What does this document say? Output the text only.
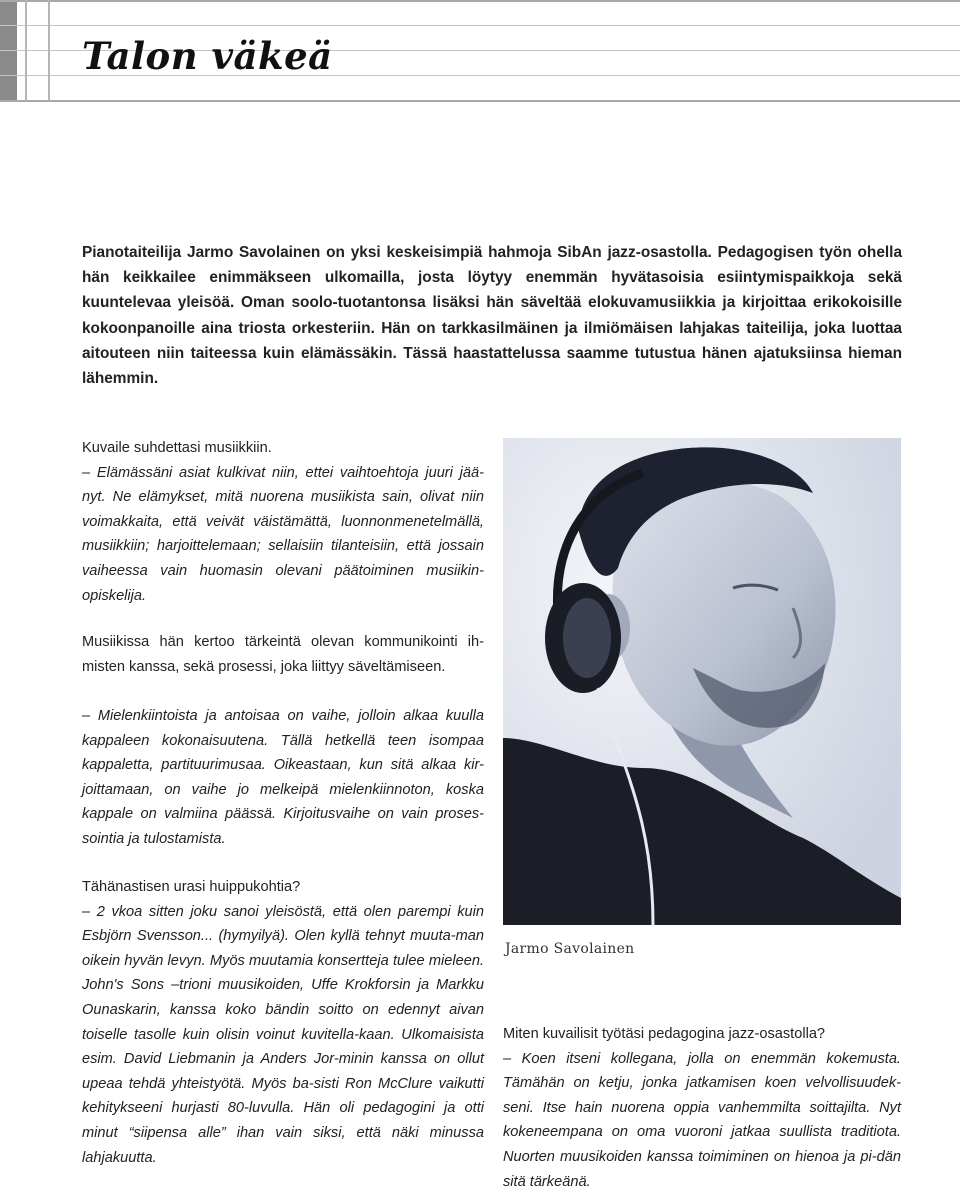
Talon väkeä

Pianotaiteilija Jarmo Savolainen on yksi keskeisimpiä hahmoja SibAn jazz-osastolla. Pedagogisen työn ohella hän keikkailee enimmäkseen ulkomailla, josta löytyy enemmän hyvätasoisia esiintymispaikkoja sekä kuuntelevaa yleisöä. Oman soolo-tuotantonsa lisäksi hän säveltää elokuvamusiikkia ja kirjoittaa erikokoisille kokoonpanoille aina triosta orkesteriin. Hän on tarkkasilmäinen ja ilmiömäisen lahjakas taiteilija, joka luottaa aitouteen niin taiteessa kuin elämässäkin. Tässä haastattelussa saamme tutustua hänen ajatuksiinsa hieman lähemmin.

Kuvaile suhdettasi musiikkiin.

– Elämässäni asiat kulkivat niin, ettei vaihtoehtoja juuri jää-nyt. Ne elämykset, mitä nuorena musiikista sain, olivat niin voimakkaita, että veivät väistämättä, luonnonmenetelmällä, musiikkiin; harjoittelemaan; sellaisiin tilanteisiin, että jossain vaiheessa vain huomasin olevani päätoiminen musiikin-opiskelija.

Musiikissa hän kertoo tärkeintä olevan kommunikointi ih-misten kanssa, sekä prosessi, joka liittyy säveltämiseen.

– Mielenkiintoista ja antoisaa on vaihe, jolloin alkaa kuulla kappaleen kokonaisuutena. Tällä hetkellä teen isompaa kappaletta, partituurimusaa. Oikeastaan, kun sitä alkaa kir-joittamaan, on vaihe jo melkeipä mielenkiinnoton, koska kappale on valmiina päässä. Kirjoitusvaihe on vain proses-sointia ja tulostamista.

Tähänastisen urasi huippukohtia?

– 2 vkoa sitten joku sanoi yleisöstä, että olen parempi kuin Esbjörn Svensson... (hymyilyä). Olen kyllä tehnyt muuta-man oikein hyvän levyn. Myös muutamia konsertteja tulee mieleen. John's Sons –trioni muusikoiden, Uffe Krokforsin ja Markku Ounaskarin, kanssa koko bändin soitto on edennyt aivan toiselle tasolle kuin olisin voinut kuvitella-kaan. Ulkomaisista esim. David Liebmanin ja Anders Jor-minin kanssa on ollut upeaa tehdä yhteistyötä. Myös ba-sisti Ron McClure vaikutti kehitykseeni hurjasti 80-luvulla. Hän oli pedagogini ja otti minut “siipensa alle” ihan vain siksi, että näki minussa lahjakuutta.

Jarmo Savolainen

Miten kuvailisit työtäsi pedagogina jazz-osastolla?

– Koen itseni kollegana, jolla on enemmän kokemusta. Tämähän on ketju, jonka jatkamisen koen velvollisuudek-seni. Itse hain nuorena oppia vanhemmilta soittajilta. Nyt kokeneempana on oma vuoroni jatkaa suullista traditiota. Nuorten muusikoiden kanssa toimiminen on hienoa ja pi-dän sitä tärkeänä.
